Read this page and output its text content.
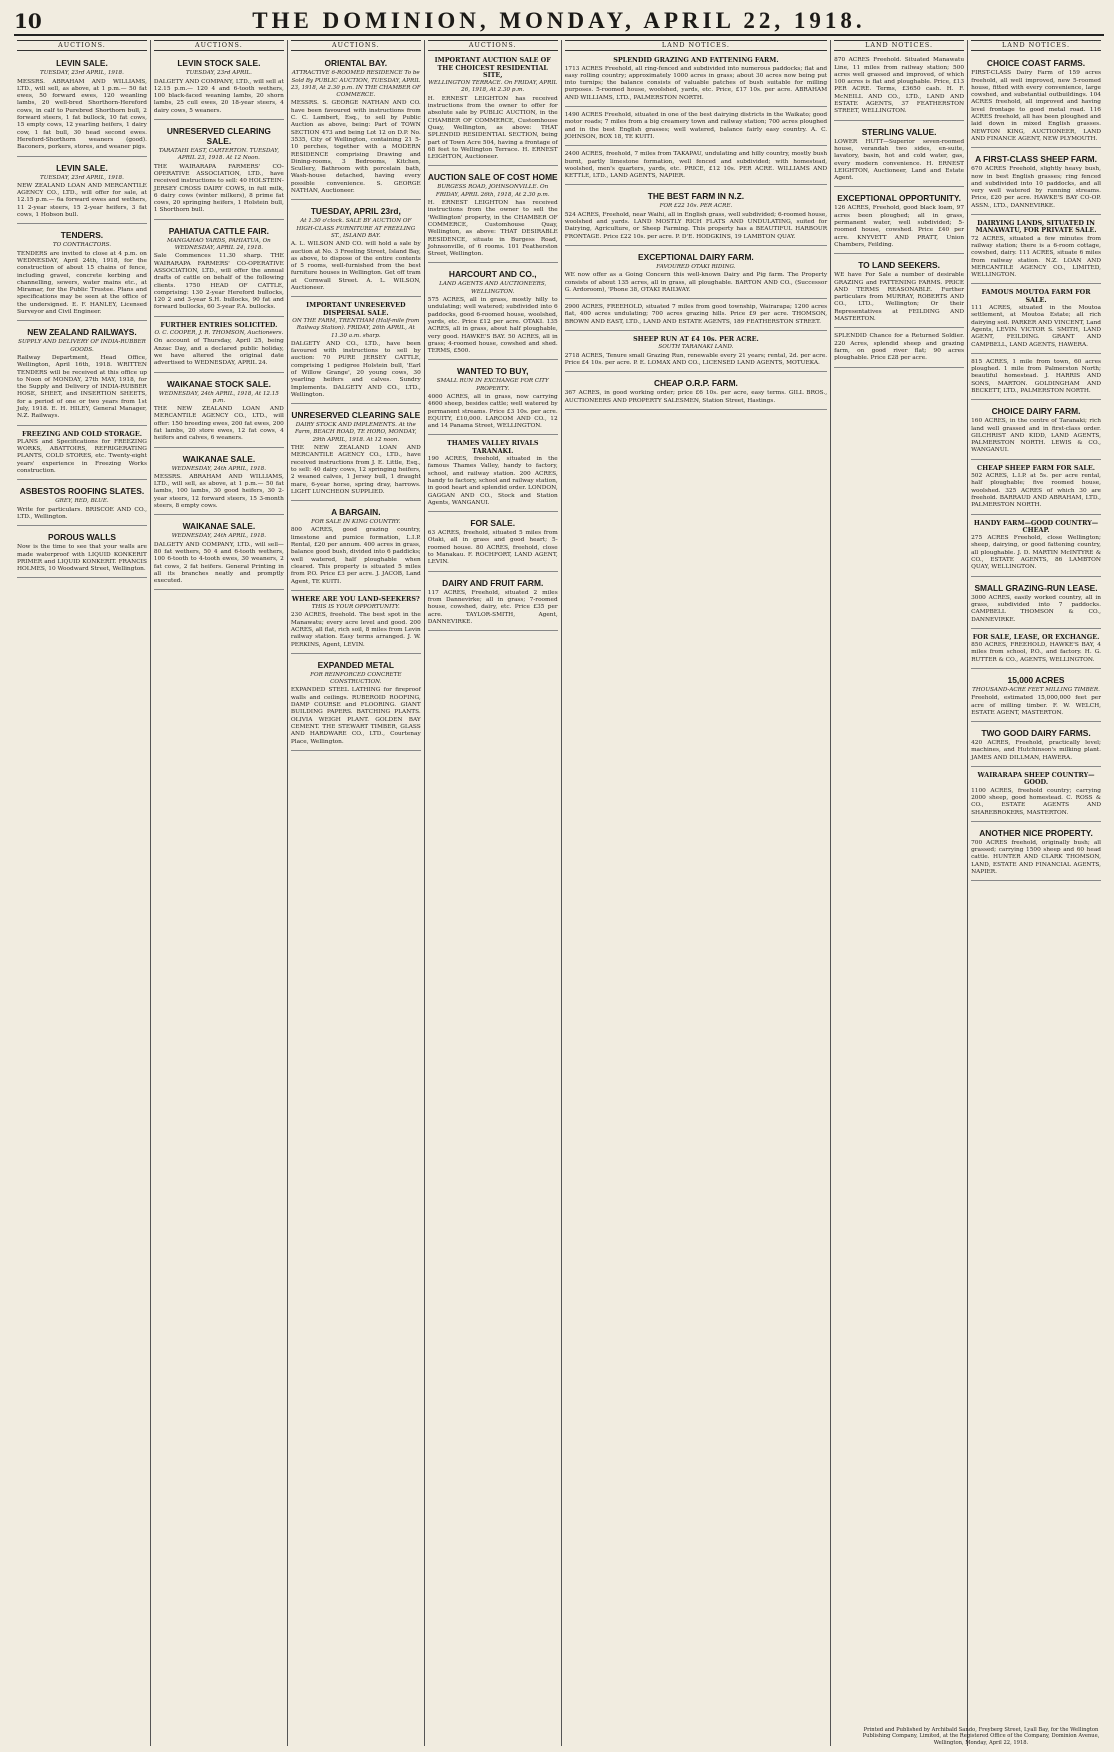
10	THE DOMINION, MONDAY, APRIL 22, 1918.
AUCTIONS.
LEVIN SALE.
TUESDAY, 23rd APRIL, 1918.
MESSRS. ABRAHAM AND WILLIAMS, LTD., will sell, as above, at 1 p.m.— 50 fat ewes, 50 forward ewes, 120 weanling lambs, 20 well-bred Shorthorn-Hereford cows, in calf to Purebred Shorthorn bull, 2 forward steers, 1 fat bullock, 10 fat cows, 15 empty cows, 12 yearling heifers, 1 dairy cow, 1 fat bull, 30 head second ewes. Hereford-Shorthorn weaners (good). Baconers, porkers, stores, and weaner pigs.
LEVIN SALE.
TUESDAY, 23rd APRIL, 1918.
NEW ZEALAND LOAN AND MERCANTILE AGENCY CO., LTD., will offer for sale, at 12.15 p.m.— 6a forward ewes and wethers, 11 2-year steers, 15 2-year heifers, 3 fat cows, 1 Hobson bull.
TENDERS.
TO CONTRACTORS.
TENDERS are invited to close at 4 p.m. on WEDNESDAY, April 24th, 1918, for the construction of about 15 chains of fence, including gravel, concrete kerbing and channelling, sewers, water mains etc., at Miramar, for the Public Trustee. Plans and specifications may be seen at the office of the undersigned. E. F. HANLEY, Licensed Surveyor and Civil Engineer.
NEW ZEALAND RAILWAYS.
SUPPLY AND DELIVERY OF INDIA-RUBBER GOODS.
Railway Department, Head Office, Wellington, April 16th, 1918. WRITTEN TENDERS will be received at this office up to Noon of MONDAY, 27th MAY, 1918, for the Supply and Delivery of INDIA-RUBBER HOSE, SHEET, and INSERTION SHEETS, for a period of one or two years from 1st July, 1918. E. H. HILEY, General Manager, N.Z. Railways.
FREEZING AND COLD STORAGE.
PLANS and Specifications for FREEZING WORKS, ABATTOIRS, REFRIGERATING PLANTS, COLD STORES, etc. Twenty-eight years' experience in Freezing Works construction.
ASBESTOS ROOFING SLATES.
GREY, RED, BLUE.
Write for particulars. BRISCOE AND CO., LTD., Wellington.
POROUS WALLS
Now is the time to see that your walls are made waterproof with LIQUID KONKERIT PRIMER and LIQUID KONKERIT. FRANCIS HOLMES, 10 Woodward Street, Wellington.
AUCTIONS.
LEVIN STOCK SALE.
TUESDAY, 23rd APRIL.
DALGETY AND COMPANY, LTD., will sell at 12.15 p.m.— 120 4 and 6-tooth wethers, 100 black-faced weaning lambs, 20 shorn lambs, 25 cull ewes, 20 18-year steers, 4 dairy cows, 5 weaners.
UNRESERVED CLEARING SALE.
TARATAHI EAST, CARTERTON. TUESDAY, APRIL 23, 1918. At 12 Noon.
THE WAIRARAPA FARMERS' CO-OPERATIVE ASSOCIATION, LTD., have received instructions to sell: 40 HOLSTEIN-JERSEY CROSS DAIRY COWS, in full milk, 6 dairy cows (winter milkers), 8 prime fat cows, 20 springing heifers, 1 Holstein bull, 1 Shorthorn bull.
PAHIATUA CATTLE FAIR.
MANGAHAO YARDS, PAHIATUA, On WEDNESDAY, APRIL 24, 1918.
Sale Commences 11.30 sharp. THE WAIRARAPA FARMERS' CO-OPERATIVE ASSOCIATION, LTD., will offer the annual drafts of cattle on behalf of the following clients. 1750 HEAD OF CATTLE, comprising: 130 2-year Hereford bullocks, 120 2 and 3-year S.H. bullocks, 90 fat and forward bullocks, 60 3-year P.A. bullocks.
FURTHER ENTRIES SOLICITED.
O. C. COOPER, J. R. THOMSON, Auctioneers.
On account of Thursday, April 25, being Anzac Day, and a declared public holiday, we have altered the original date advertised to WEDNESDAY, APRIL 24.
WAIKANAE STOCK SALE.
WEDNESDAY, 24th APRIL, 1918, At 12.15 p.m.
THE NEW ZEALAND LOAN AND MERCANTILE AGENCY CO., LTD., will offer: 150 breeding ewes, 200 fat ewes, 200 fat lambs, 20 store ewes, 12 fat cows, 4 heifers and calves, 6 weaners.
WAIKANAE SALE.
WEDNESDAY, 24th APRIL, 1918.
MESSRS. ABRAHAM AND WILLIAMS, LTD., will sell, as above, at 1 p.m.— 50 fat lambs, 100 lambs, 30 good heifers, 30 2-year steers, 12 forward steers, 15 3-month steers, 8 empty cows.
WAIKANAE SALE.
WEDNESDAY, 24th APRIL, 1918.
DALGETY AND COMPANY, LTD., will sell— 80 fat wethers, 50 4 and 6-tooth wethers, 100 6-tooth to 4-tooth ewes, 30 weaners, 2 fat cows, 2 fat heifers. General Printing in all its branches neatly and promptly executed.
AUCTIONS.
ORIENTAL BAY.
ATTRACTIVE 6-ROOMED RESIDENCE To be Sold By PUBLIC AUCTION, TUESDAY, APRIL 23, 1918, At 2.30 p.m. IN THE CHAMBER OF COMMERCE.
MESSRS. S. GEORGE NATHAN AND CO. have been favoured with instructions from C. C. Lambert, Esq., to sell by Public Auction as above, being: Part of TOWN SECTION 473 and being Lot 12 on D.P. No. 3535, City of Wellington, containing 21 5-10 perches, together with a MODERN RESIDENCE comprising Drawing and Dining-rooms, 3 Bedrooms, Kitchen, Scullery, Bathroom with porcelain bath, Wash-house detached, having every possible convenience. S. GEORGE NATHAN, Auctioneer.
TUESDAY, APRIL 23rd,
At 1.30 o'clock. SALE BY AUCTION OF HIGH-CLASS FURNITURE AT FREELING ST., ISLAND BAY.
A. L. WILSON AND CO. will hold a sale by auction at No. 3 Freeling Street, Island Bay, as above, to dispose of the entire contents of 5 rooms, well-furnished from the best furniture houses in Wellington. Get off tram at Cornwall Street. A. L. WILSON, Auctioneer.
IMPORTANT UNRESERVED DISPERSAL SALE.
ON THE FARM, TRENTHAM (Half-mile from Railway Station). FRIDAY, 26th APRIL, At 11.30 a.m. sharp.
DALGETY AND CO., LTD., have been favoured with instructions to sell by auction: 70 PURE JERSEY CATTLE, comprising 1 pedigree Holstein bull, 'Earl of Willow Grange', 20 young cows, 30 yearling heifers and calves. Sundry Implements. DALGETY AND CO., LTD., Wellington.
UNRESERVED CLEARING SALE
DAIRY STOCK AND IMPLEMENTS. At the Farm, BEACH ROAD, TE HORO, MONDAY, 29th APRIL, 1918. At 12 noon.
THE NEW ZEALAND LOAN AND MERCANTILE AGENCY CO., LTD., have received instructions from J. E. Little, Esq., to sell: 40 dairy cows, 12 springing heifers, 2 weaned calves, 1 Jersey bull, 1 draught mare, 6-year horse, spring dray, harrows. LIGHT LUNCHEON SUPPLIED.
A BARGAIN.
FOR SALE IN KING COUNTRY.
800 ACRES, good grazing country, limestone and pumice formation, L.I.P. Rental, £20 per annum. 400 acres in grass, balance good bush, divided into 6 paddicks; well watered, half ploughable when cleared. This property is situated 5 miles from P.O. Price £3 per acre. J. JACOB, Land Agent, TE KUITI.
WHERE ARE YOU LAND-SEEKERS?
THIS IS YOUR OPPORTUNITY.
230 ACRES, freehold. The best spot in the Manawatu; every acre level and good. 200 ACRES, all flat, rich soil, 8 miles from Levin railway station. Easy terms arranged. J. W. PERKINS, Agent, LEVIN.
EXPANDED METAL
FOR REINFORCED CONCRETE CONSTRUCTION.
EXPANDED STEEL LATHING for fireproof walls and ceilings. RUBEROID ROOFING, DAMP COURSE and FLOORING. GIANT BUILDING PAPERS. BATCHING PLANTS. OLIVIA WEIGH PLANT. GOLDEN BAY CEMENT. THE STEWART TIMBER, GLASS AND HARDWARE CO., LTD., Courtenay Place, Wellington.
AUCTIONS.
IMPORTANT AUCTION SALE OF THE CHOICEST RESIDENTIAL SITE,
WELLINGTON TERRACE. On FRIDAY, APRIL 26, 1918, At 2.30 p.m.
H. ERNEST LEIGHTON has received instructions from the owner to offer for absolute sale by PUBLIC AUCTION, in the CHAMBER OF COMMERCE, Customhouse Quay, Wellington, as above: THAT SPLENDID RESIDENTIAL SECTION, being part of Town Acre 504, having a frontage of 68 feet to Wellington Terrace. H. ERNEST LEIGHTON, Auctioneer.
AUCTION SALE OF COST HOME
BURGESS ROAD, JOHNSONVILLE. On FRIDAY, APRIL 26th, 1918, At 2.30 p.m.
H. ERNEST LEIGHTON has received instructions from the owner to sell the 'Wellington' property, in the CHAMBER OF COMMERCE, Customhouse Quay, Wellington, as above: THAT DESIRABLE RESIDENCE, situate in Burgess Road, Johnsonville, of 6 rooms. 101 Featherston Street, Wellington.
HARCOURT AND CO.,
LAND AGENTS AND AUCTIONEERS, WELLINGTON.
575 ACRES, all in grass, mostly hilly to undulating; well watered; subdivided into 6 paddocks, good 6-roomed house, woolshed, yards, etc. Price £12 per acre. OTAKI. 135 ACRES, all in grass, about half ploughable, very good. HAWKE'S BAY. 50 ACRES, all in grass; 4-roomed house, cowshed and shed. TERMS, £500.
WANTED TO BUY,
SMALL RUN IN EXCHANGE FOR CITY PROPERTY.
4000 ACRES, all in grass, now carrying 4600 sheep, besides cattle; well watered by permanent streams. Price £3 10s. per acre. EQUITY, £10,000. LARCOM AND CO., 12 and 14 Panama Street, WELLINGTON.
THAMES VALLEY RIVALS TARANAKI.
190 ACRES, freehold, situated in the famous Thames Valley, handy to factory, school, and railway station. 200 ACRES, handy to factory, school and railway station, in good heart and splendid order. LONDON, GAGGAN AND CO., Stock and Station Agents, WANGANUI.
FOR SALE.
63 ACRES, freehold, situated 5 miles from Otaki, all in grass and good heart; 5-roomed house. 80 ACRES, freehold, close to Manakau. F. ROCHFORT, LAND AGENT, LEVIN.
DAIRY AND FRUIT FARM.
117 ACRES, Freehold, situated 2 miles from Dannevirke; all in grass; 7-roomed house, cowshed, dairy, etc. Price £35 per acre. TAYLOR-SMITH, Agent, DANNEVIRKE.
LAND NOTICES.
SPLENDID GRAZING AND FATTENING FARM.
1713 ACRES Freehold, all ring-fenced and subdivided into numerous paddocks; flat and easy rolling country; approximately 1000 acres in grass; about 30 acres now being put into turnips; the balance consists of valuable patches of bush suitable for milling purposes. 5-roomed house, woolshed, yards, etc. Price, £17 10s. per acre. ABRAHAM AND WILLIAMS, LTD., PALMERSTON NORTH.
1490 ACRES Freehold, situated in one of the best dairying districts in the Waikato; good motor roads; 7 miles from a big creamery town and railway station; 700 acres ploughed and in the best English grasses; well watered, balance fairly easy country. A. C. JOHNSON, BOX 18, TE KUITI.
2400 ACRES, freehold, 7 miles from TAKAPAU, undulating and hilly country, mostly bush burnt, partly limestone formation, well fenced and subdivided; with homestead, woolshed, men's quarters, yards, etc. PRICE, £12 10s. PER ACRE. WILLIAMS AND KETTLE, LTD., LAND AGENTS, NAPIER.
THE BEST FARM IN N.Z.
FOR £22 10s. PER ACRE.
524 ACRES, Freehold, near Waihi, all in English grass, well subdivided; 6-roomed house, woolshed and yards. LAND MOSTLY RICH FLATS AND UNDULATING, suited for Dairying, Agriculture, or Sheep Farming. This property has a BEAUTIFUL HARBOUR FRONTAGE. Price £22 10s. per acre. P. D'E. HODGKINS, 19 LAMBTON QUAY.
EXCEPTIONAL DAIRY FARM.
FAVOURED OTAKI RIDING.
WE now offer as a Going Concern this well-known Dairy and Pig farm. The Property consists of about 135 acres, all in grass, all ploughable. BARTON AND CO., (Successor G. Ardoroom), 'Phone 38, OTAKI RAILWAY.
2900 ACRES, FREEHOLD, situated 7 miles from good township, Wairarapa; 1200 acres flat, 400 acres undulating; 700 acres grazing hills. Price £9 per acre. THOMSON, BROWN AND EAST, LTD., LAND AND ESTATE AGENTS, 189 FEATHERSTON STREET.
SHEEP RUN AT £4 10s. PER ACRE.
SOUTH TARANAKI LAND.
2718 ACRES, Tenure small Grazing Run, renewable every 21 years; rental, 2d. per acre. Price £4 10s. per acre. P. E. LOMAX AND CO., LICENSED LAND AGENTS, MOTUEKA.
CHEAP O.R.P. FARM.
367 ACRES, in good working order; price £6 10s. per acre, easy terms. GILL BROS., AUCTIONEERS AND PROPERTY SALESMEN, Station Street, Hastings.
LAND NOTICES.
870 ACRES Freehold. Situated Manawatu Line, 11 miles from railway station; 500 acres well grassed and improved, of which 100 acres is flat and ploughable. Price, £13 PER ACRE. Terms, £3650 cash. H. F. McNEILL AND CO., LTD., LAND AND ESTATE AGENTS, 37 FEATHERSTON STREET, WELLINGTON.
STERLING VALUE.
LOWER HUTT—Superior seven-roomed house, verandah two sides, en-suite, lavatory, basin, hot and cold water, gas, every modern convenience. H. ERNEST LEIGHTON, Auctioneer, Land and Estate Agent.
EXCEPTIONAL OPPORTUNITY.
126 ACRES, Freehold, good black loam, 97 acres been ploughed; all in grass, permanent water, well subdivided; 5-roomed house, cowshed. Price £40 per acre. KNYVETT AND PRATT, Union Chambers, Feilding.
TO LAND SEEKERS.
WE have For Sale a number of desirable GRAZING and FATTENING FARMS. PRICE AND TERMS REASONABLE. Further particulars from MURRAY, ROBERTS AND CO., LTD., Wellington; Or their Representatives at FEILDING AND MASTERTON.
SPLENDID Chance for a Returned Soldier. 220 Acres, splendid sheep and grazing farm, on good river flat; 90 acres ploughable. Price £28 per acre.
LAND NOTICES.
CHOICE COAST FARMS.
FIRST-CLASS Dairy Farm of 159 acres freehold, all well improved, new 5-roomed house, fitted with every convenience, large cowshed, and substantial outbuildings. 104 ACRES freehold, all improved and having level frontage to good metal road. 116 ACRES freehold, all has been ploughed and laid down in mixed English grasses. NEWTON KING, AUCTIONEER, LAND AND FINANCE AGENT, NEW PLYMOUTH.
A FIRST-CLASS SHEEP FARM.
670 ACRES Freehold, slightly heavy bush, now in best English grasses; ring fenced and subdivided into 10 paddocks, and all very well watered by running streams. Price, £20 per acre. HAWKE'S BAY CO-OP. ASSN., LTD., DANNEVIRKE.
DAIRYING LANDS, SITUATED IN MANAWATU, FOR PRIVATE SALE.
72 ACRES, situated a few minutes from railway station; there is a 6-room cottage, cowshed, dairy. 111 ACRES, situate 6 miles from railway station. N.Z. LOAN AND MERCANTILE AGENCY CO., LIMITED, WELLINGTON.
FAMOUS MOUTOA FARM FOR SALE.
111 ACRES, situated in the Moutoa settlement, at Moutoa Estate; all rich dairying soil. PARKER AND VINCENT, Land Agents, LEVIN. VICTOR S. SMITH, LAND AGENT, FEILDING. GRANT AND CAMPBELL, LAND AGENTS, HAWERA.
815 ACRES, 1 mile from town, 60 acres ploughed. 1 mile from Palmerston North; beautiful homestead. J. HARRIS AND SONS, MARTON. GOLDINGHAM AND BECKETT, LTD., PALMERSTON NORTH.
CHOICE DAIRY FARM.
160 ACRES, in the centre of Taranaki; rich land well grassed and in first-class order. GILCHRIST AND KIDD, LAND AGENTS, PALMERSTON NORTH. LEWIS & CO., WANGANUI.
CHEAP SHEEP FARM FOR SALE.
502 ACRES, L.I.P. at 5s. per acre rental, half ploughable; five roomed house, woolshed. 325 ACRES of which 30 are freehold. BARRAUD AND ABRAHAM, LTD., PALMERSTON NORTH.
HANDY FARM—GOOD COUNTRY—CHEAP.
275 ACRES Freehold, close Wellington; sheep, dairying, or good fattening country, all ploughable. J. D. MARTIN McINTYRE & CO., ESTATE AGENTS, 86 LAMBTON QUAY, WELLINGTON.
SMALL GRAZING-RUN LEASE.
3000 ACRES, easily worked country, all in grass, subdivided into 7 paddocks. CAMPBELL THOMSON & CO., DANNEVIRKE.
FOR SALE, LEASE, OR EXCHANGE.
850 ACRES, FREEHOLD, HAWKE'S BAY, 4 miles from school, P.O., and factory. H. G. RUTTER & CO., AGENTS, WELLINGTON.
15,000 ACRES
THOUSAND-ACRE FEET MILLING TIMBER.
Freehold, estimated 15,000,000 feet per acre of milling timber. F. W. WELCH, ESTATE AGENT, MASTERTON.
TWO GOOD DAIRY FARMS.
420 ACRES, Freehold, practically level; machines, and Hutchinson's milking plant. JAMES AND DILLMAN, HAWERA.
WAIRARAPA SHEEP COUNTRY—GOOD.
1100 ACRES, freehold country; carrying 2000 sheep, good homestead. C. ROSS & CO., ESTATE AGENTS AND SHAREBROKERS, MASTERTON.
ANOTHER NICE PROPERTY.
700 ACRES freehold, originally bush; all grassed; carrying 1500 sheep and 60 head cattle. HUNTER AND CLARK THOMSON, LAND, ESTATE AND FINANCIAL AGENTS, NAPIER.
Printed and Published by Archibald Sando, Freyberg Street, Lyall Bay, for the Wellington Publishing Company, Limited, at the Registered Office of the Company, Dominion Avenue, Wellington, Monday, April 22, 1918.
